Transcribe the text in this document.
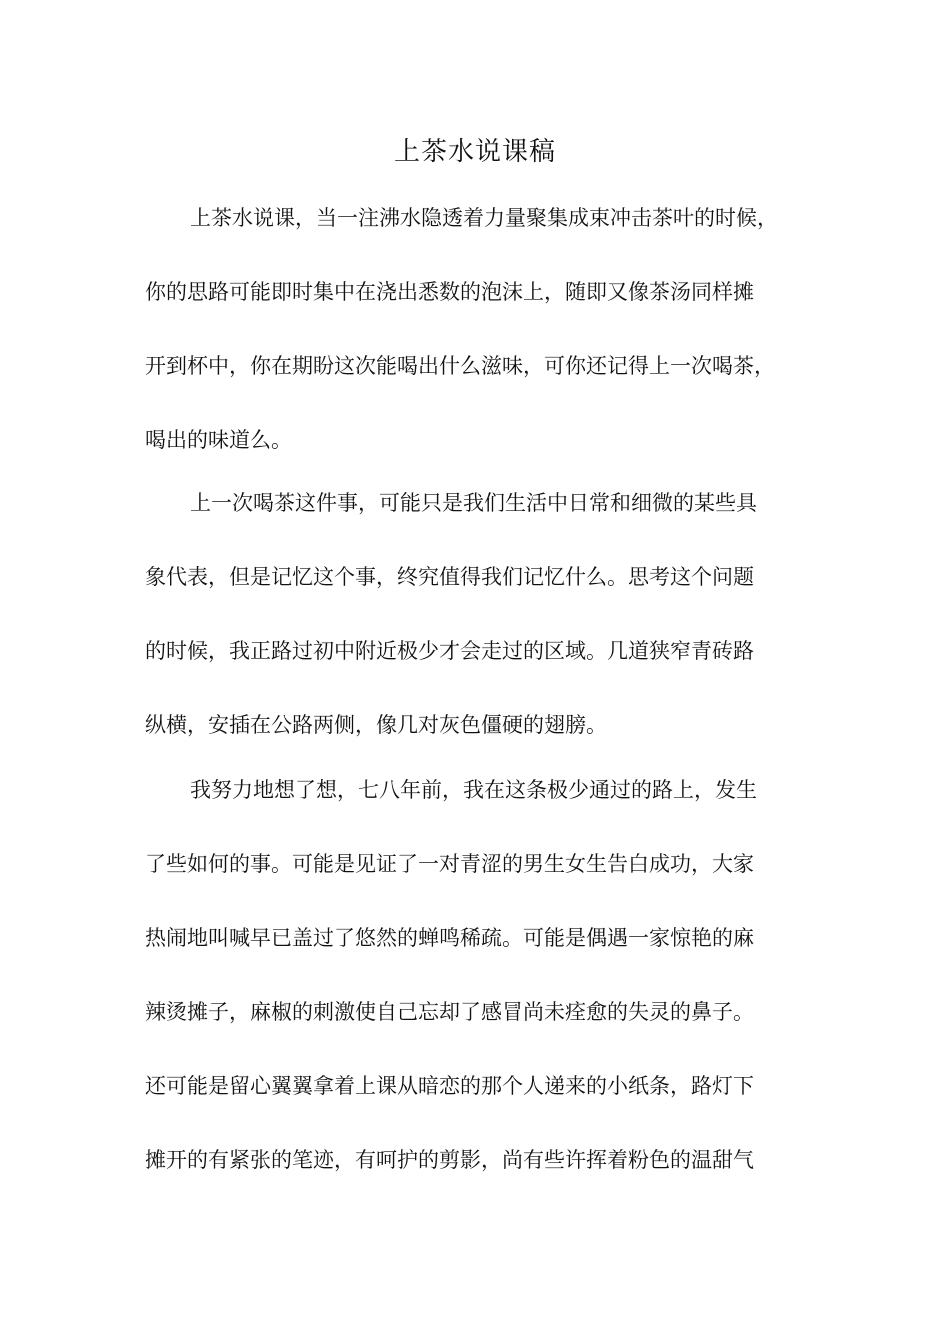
上茶水说课稿
上茶水说课，当一注沸水隐透着力量聚集成束冲击茶叶的时候，
你的思路可能即时集中在浇出悉数的泡沫上，随即又像茶汤同样摊
开到杯中，你在期盼这次能喝出什么滋味，可你还记得上一次喝茶，
喝出的味道么。
上一次喝茶这件事，可能只是我们生活中日常和细微的某些具
象代表，但是记忆这个事，终究值得我们记忆什么。思考这个问题
的时候，我正路过初中附近极少才会走过的区域。几道狭窄青砖路
纵横，安插在公路两侧，像几对灰色僵硬的翅膀。
我努力地想了想，七八年前，我在这条极少通过的路上，发生
了些如何的事。可能是见证了一对青涩的男生女生告白成功，大家
热闹地叫喊早已盖过了悠然的蝉鸣稀疏。可能是偶遇一家惊艳的麻
辣烫摊子，麻椒的刺激使自己忘却了感冒尚未痊愈的失灵的鼻子。
还可能是留心翼翼拿着上课从暗恋的那个人递来的小纸条，路灯下
摊开的有紧张的笔迹，有呵护的剪影，尚有些许挥着粉色的温甜气
